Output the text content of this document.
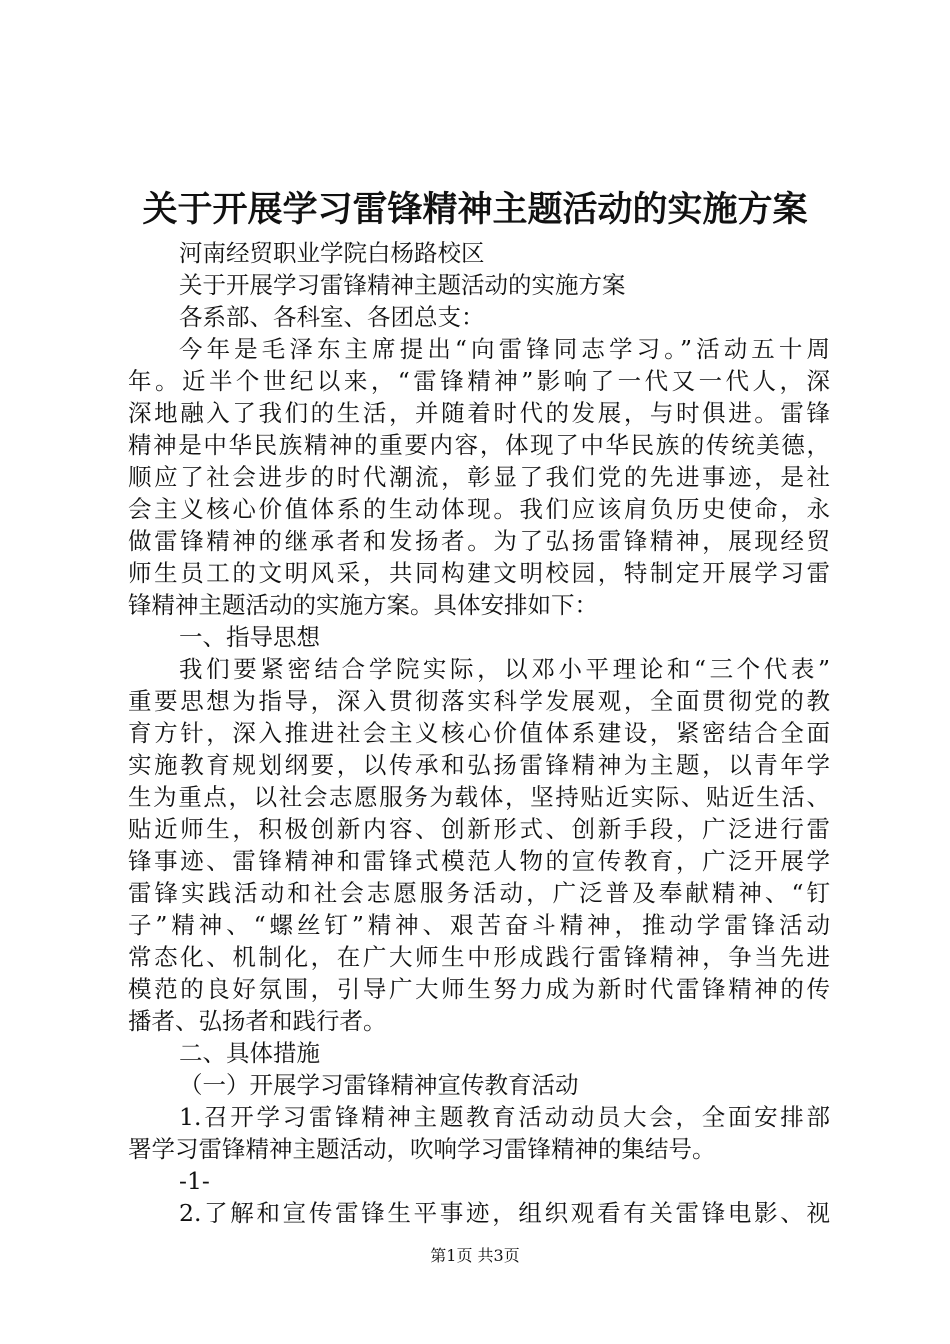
关于开展学习雷锋精神主题活动的实施方案
河南经贸职业学院白杨路校区
关于开展学习雷锋精神主题活动的实施方案
各系部、各科室、各团总支：
今年是毛泽东主席提出“向雷锋同志学习。”活动五十周
年。近半个世纪以来，“雷锋精神”影响了一代又一代人，深
深地融入了我们的生活，并随着时代的发展，与时俱进。雷锋
精神是中华民族精神的重要内容，体现了中华民族的传统美德，
顺应了社会进步的时代潮流，彰显了我们党的先进事迹，是社
会主义核心价值体系的生动体现。我们应该肩负历史使命，永
做雷锋精神的继承者和发扬者。为了弘扬雷锋精神，展现经贸
师生员工的文明风采，共同构建文明校园，特制定开展学习雷
锋精神主题活动的实施方案。具体安排如下：
一、指导思想
我们要紧密结合学院实际，以邓小平理论和“三个代表”
重要思想为指导，深入贯彻落实科学发展观，全面贯彻党的教
育方针，深入推进社会主义核心价值体系建设，紧密结合全面
实施教育规划纲要，以传承和弘扬雷锋精神为主题，以青年学
生为重点，以社会志愿服务为载体，坚持贴近实际、贴近生活、
贴近师生，积极创新内容、创新形式、创新手段，广泛进行雷
锋事迹、雷锋精神和雷锋式模范人物的宣传教育，广泛开展学
雷锋实践活动和社会志愿服务活动，广泛普及奉献精神、“钉
子”精神、“螺丝钉”精神、艰苦奋斗精神，推动学雷锋活动
常态化、机制化，在广大师生中形成践行雷锋精神，争当先进
模范的良好氛围，引导广大师生努力成为新时代雷锋精神的传
播者、弘扬者和践行者。
二、具体措施
（一）开展学习雷锋精神宣传教育活动
1.召开学习雷锋精神主题教育活动动员大会，全面安排部
署学习雷锋精神主题活动，吹响学习雷锋精神的集结号。
-1-
2.了解和宣传雷锋生平事迹，组织观看有关雷锋电影、视
第1页 共3页
